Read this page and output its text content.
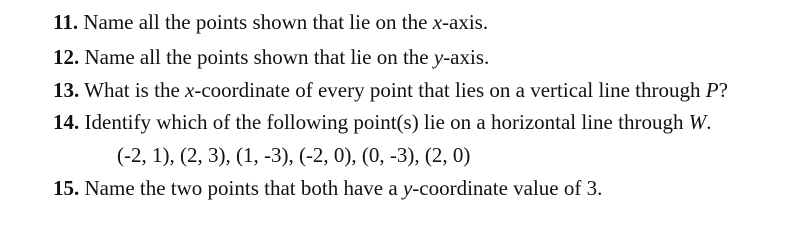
11. Name all the points shown that lie on the x-axis.
12. Name all the points shown that lie on the y-axis.
13. What is the x-coordinate of every point that lies on a vertical line through P?
14. Identify which of the following point(s) lie on a horizontal line through W.
(-2, 1), (2, 3), (1, -3), (-2, 0), (0, -3), (2, 0)
15. Name the two points that both have a y-coordinate value of 3.
